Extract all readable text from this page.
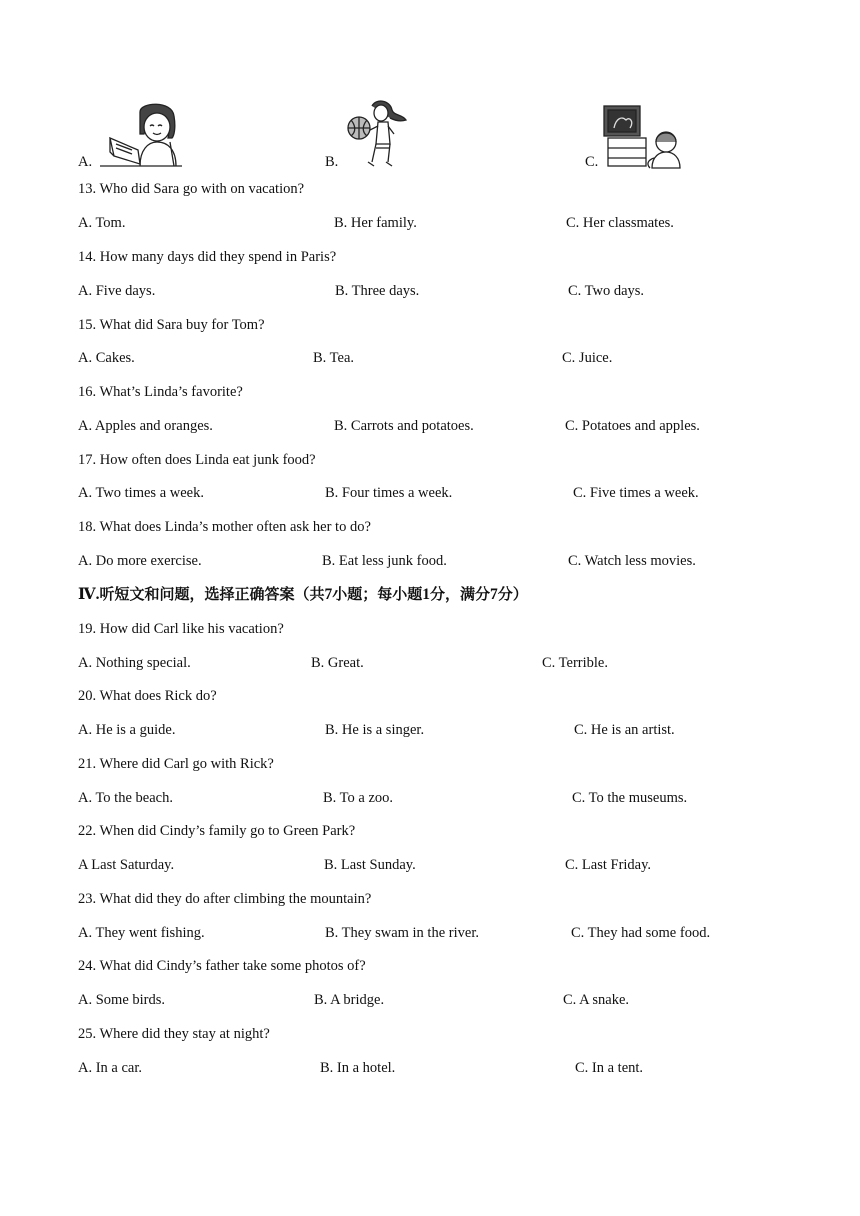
A.	B.	C.
13. Who did Sara go with on vacation?
A. Tom.	B. Her family.	C. Her classmates.
14. How many days did they spend in Paris?
A. Five days.	B. Three days.	C. Two days.
15. What did Sara buy for Tom?
A. Cakes.	B. Tea.	C. Juice.
16. What’s Linda’s favorite?
A. Apples and oranges.	B. Carrots and potatoes.	C. Potatoes and apples.
17. How often does Linda eat junk food?
A. Two times a week.	B. Four times a week.	C. Five times a week.
18. What does Linda’s mother often ask her to do?
A. Do more exercise.	B. Eat less junk food.	C. Watch less movies.
Ⅳ.听短文和问题，选择正确答案（共7小题；每小题1分，满分7分）
19. How did Carl like his vacation?
A. Nothing special.	B. Great.	C. Terrible.
20. What does Rick do?
A. He is a guide.	B. He is a singer.	C. He is an artist.
21. Where did Carl go with Rick?
A. To the beach.	B. To a zoo.	C. To the museums.
22. When did Cindy’s family go to Green Park?
A Last Saturday.	B. Last Sunday.	C. Last Friday.
23. What did they do after climbing the mountain?
A. They went fishing.	B. They swam in the river.	C. They had some food.
24. What did Cindy’s father take some photos of?
A. Some birds.	B. A bridge.	C. A snake.
25. Where did they stay at night?
A. In a car.	B. In a hotel.	C. In a tent.
